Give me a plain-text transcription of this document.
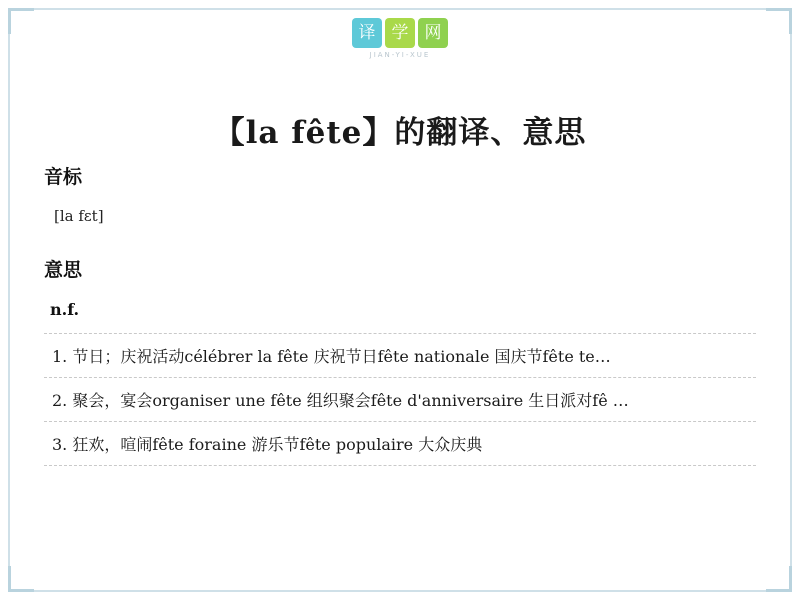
译 学 网
JIAN-YI-XUE
【la fête】的翻译、意思
音标
[la fɛt]
意思
n.f.
1. 节日；庆祝活动célébrer la fête 庆祝节日fête nationale 国庆节fête te…
2. 聚会，宴会organiser une fête 组织聚会fête d'anniversaire 生日派对fê …
3. 狂欢，喧闹fête foraine 游乐节fête populaire 大众庆典
